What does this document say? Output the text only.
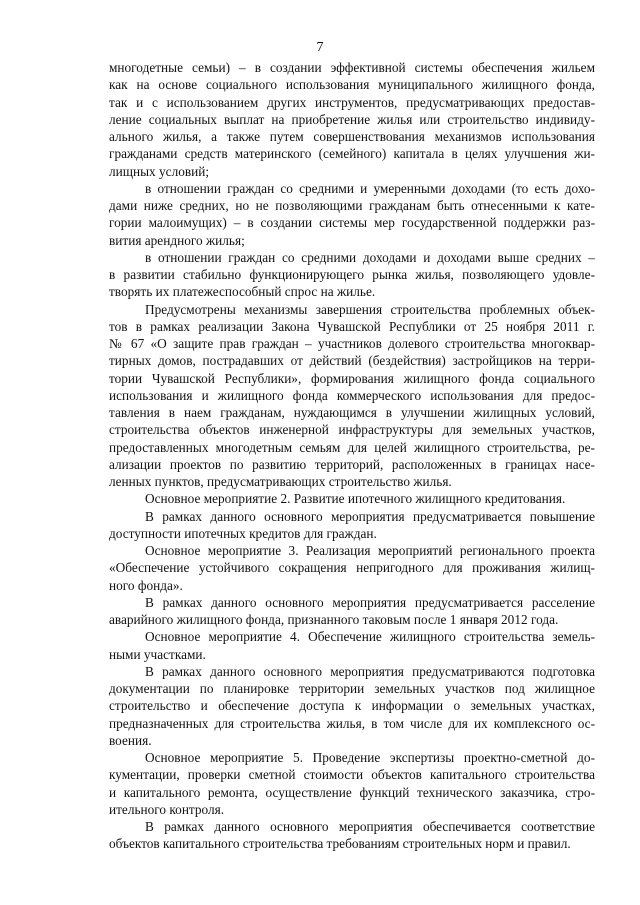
7
многодетные семьи) – в создании эффективной системы обеспечения жильем
как на основе социального использования муниципального жилищного фонда,
так и с использованием других инструментов, предусматривающих предостав-
ление социальных выплат на приобретение жилья или строительство индивиду-
ального жилья, а также путем совершенствования механизмов использования
гражданами средств материнского (семейного) капитала в целях улучшения жи-
лищных условий;
в отношении граждан со средними и умеренными доходами (то есть дохо-
дами ниже средних, но не позволяющими гражданам быть отнесенными к кате-
гории малоимущих) – в создании системы мер государственной поддержки раз-
вития арендного жилья;
в отношении граждан со средними доходами и доходами выше средних –
в развитии стабильно функционирующего рынка жилья, позволяющего удовле-
творять их платежеспособный спрос на жилье.
Предусмотрены механизмы завершения строительства проблемных объек-
тов в рамках реализации Закона Чувашской Республики от 25 ноября 2011 г.
№ 67 «О защите прав граждан – участников долевого строительства многоквар-
тирных домов, пострадавших от действий (бездействия) застройщиков на терри-
тории Чувашской Республики», формирования жилищного фонда социального
использования и жилищного фонда коммерческого использования для предос-
тавления в наем гражданам, нуждающимся в улучшении жилищных условий,
строительства объектов инженерной инфраструктуры для земельных участков,
предоставленных многодетным семьям для целей жилищного строительства, ре-
ализации проектов по развитию территорий, расположенных в границах насе-
ленных пунктов, предусматривающих строительство жилья.
Основное мероприятие 2. Развитие ипотечного жилищного кредитования.
В рамках данного основного мероприятия предусматривается повышение
доступности ипотечных кредитов для граждан.
Основное мероприятие 3. Реализация мероприятий регионального проекта
«Обеспечение устойчивого сокращения непригодного для проживания жилищ-
ного фонда».
В рамках данного основного мероприятия предусматривается расселение
аварийного жилищного фонда, признанного таковым после 1 января 2012 года.
Основное мероприятие 4. Обеспечение жилищного строительства земель-
ными участками.
В рамках данного основного мероприятия предусматриваются подготовка
документации по планировке территории земельных участков под жилищное
строительство и обеспечение доступа к информации о земельных участках,
предназначенных для строительства жилья, в том числе для их комплексного ос-
воения.
Основное мероприятие 5. Проведение экспертизы проектно-сметной до-
кументации, проверки сметной стоимости объектов капитального строительства
и капитального ремонта, осуществление функций технического заказчика, стро-
ительного контроля.
В рамках данного основного мероприятия обеспечивается соответствие
объектов капитального строительства требованиям строительных норм и правил.
